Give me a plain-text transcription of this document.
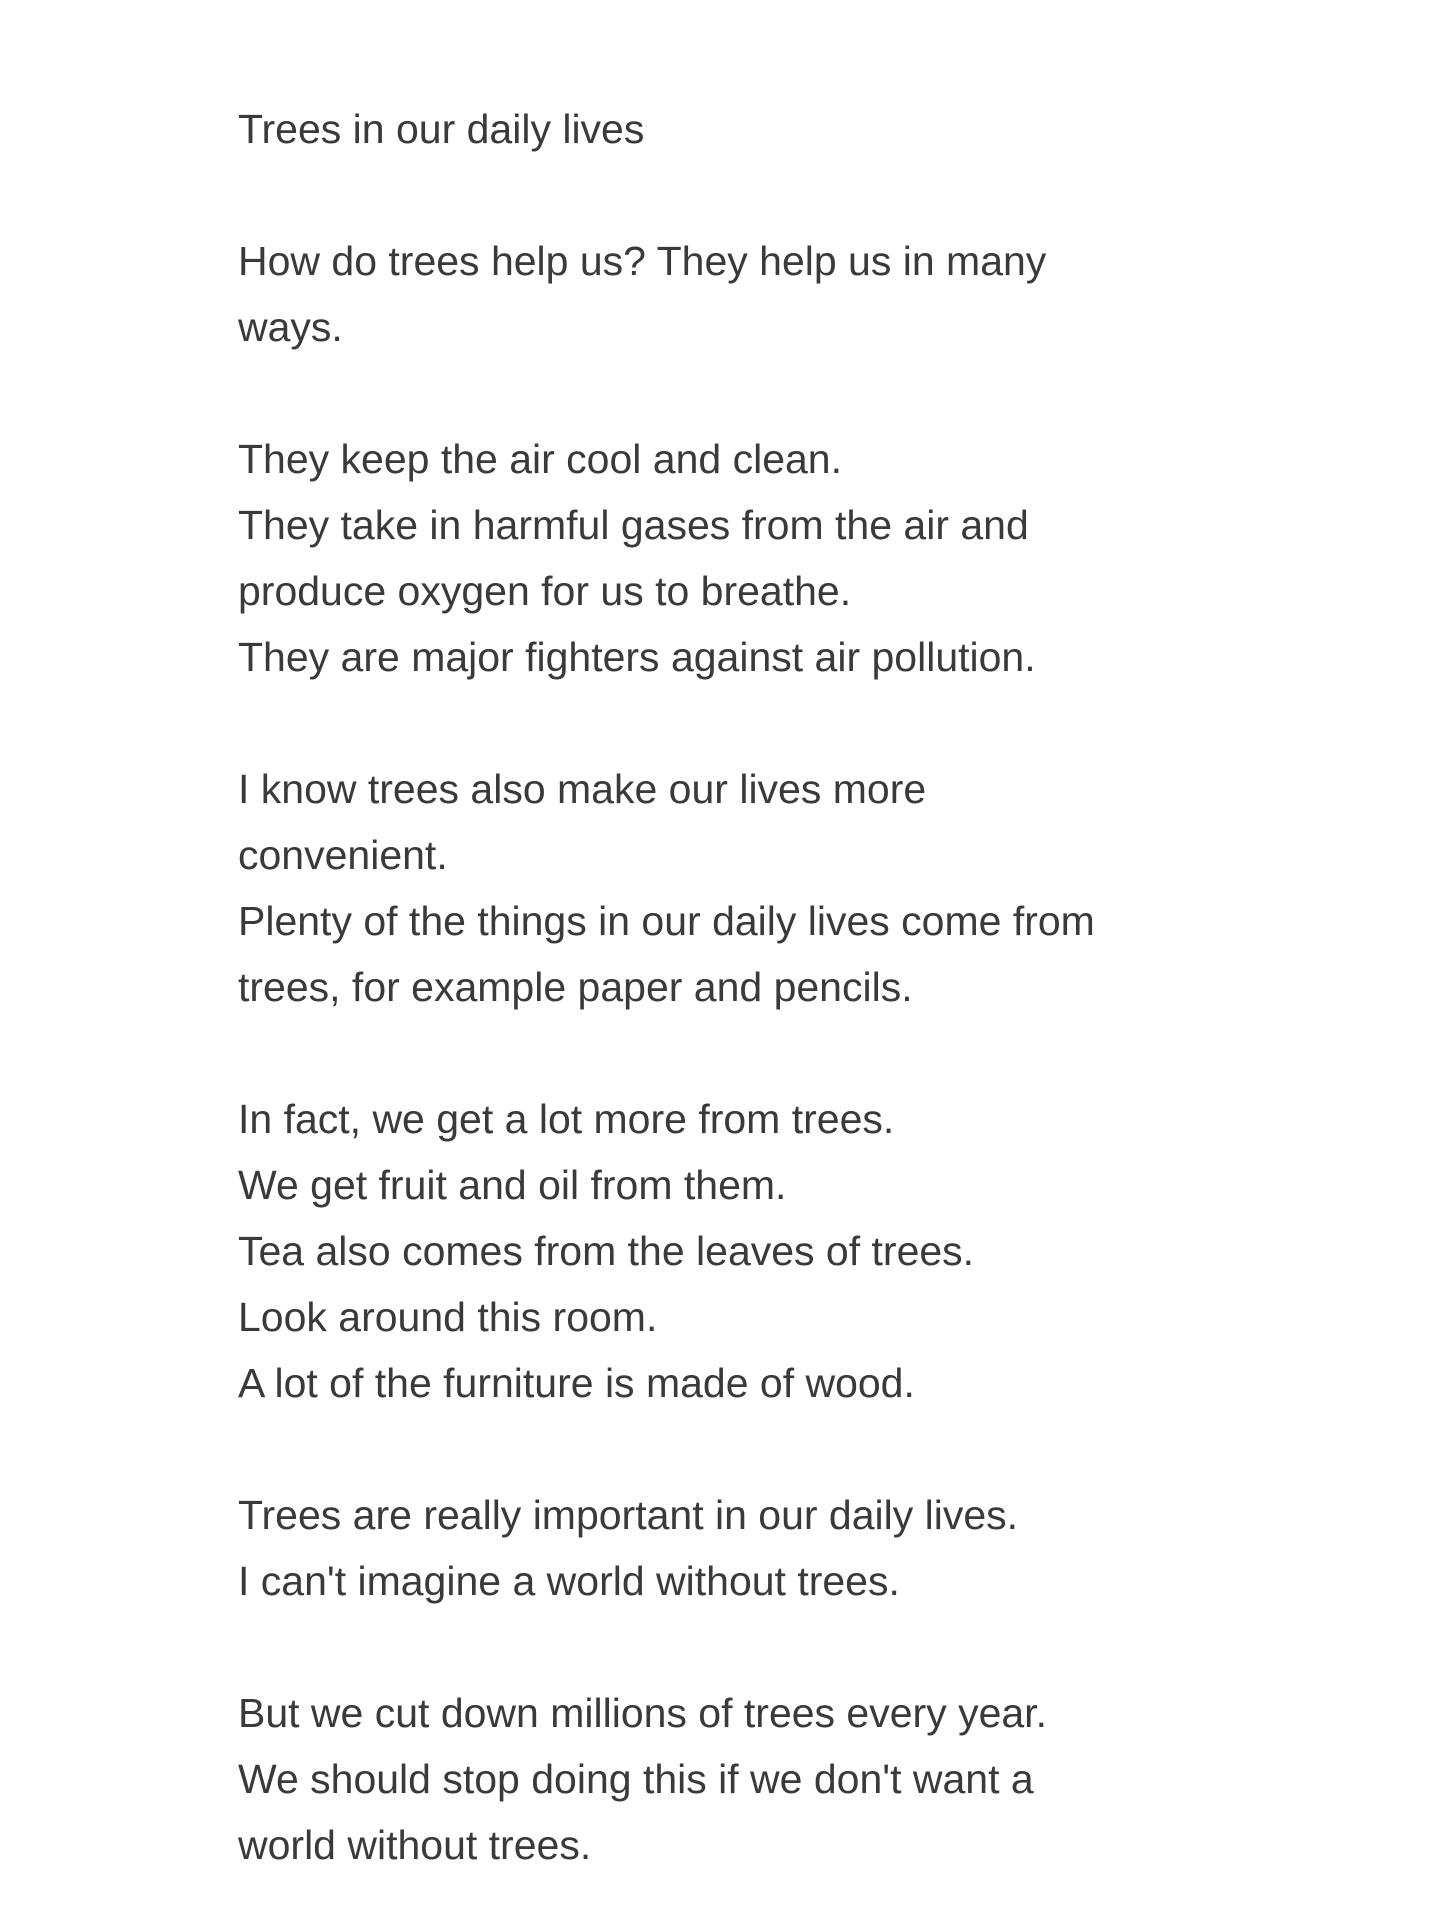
Trees in our daily lives

How do trees help us? They help us in many
ways.

They keep the air cool and clean.
They take in harmful gases from the air and
produce oxygen for us to breathe.
They are major fighters against air pollution.

I know trees also make our lives more
convenient.
Plenty of the things in our daily lives come from
trees, for example paper and pencils.

In fact, we get a lot more from trees.
We get fruit and oil from them.
Tea also comes from the leaves of trees.
Look around this room.
A lot of the furniture is made of wood.

Trees are really important in our daily lives.
I can't imagine a world without trees.

But we cut down millions of trees every year.
We should stop doing this if we don't want a
world without trees.
